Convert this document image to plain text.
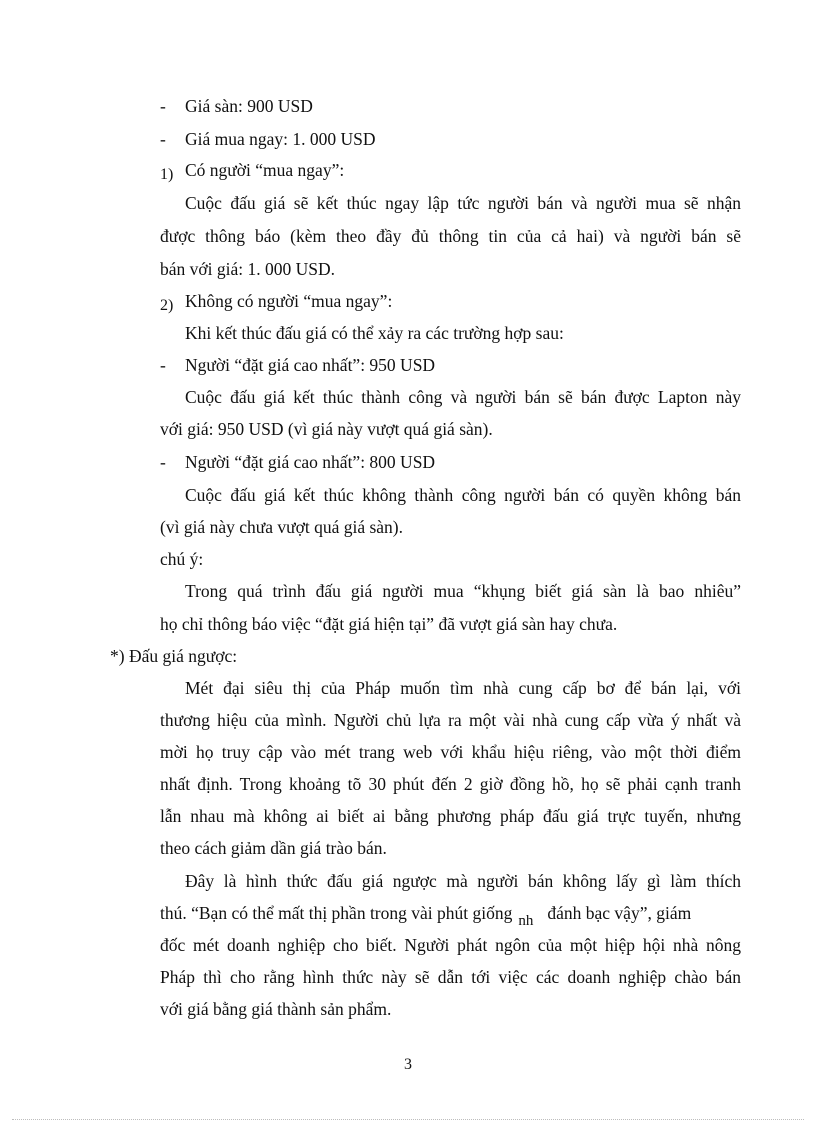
- Giá sàn: 900 USD
- Giá mua ngay: 1. 000 USD
1) Có người “mua ngay”:
Cuộc đấu giá sẽ kết thúc ngay lập tức người bán và người mua sẽ nhận
được thông báo (kèm theo đầy đủ thông tin của cả hai) và người bán sẽ
bán với giá: 1. 000 USD.
2) Không có người “mua ngay”:
Khi kết thúc đấu giá có thể xảy ra các trường hợp sau:
- Người “đặt giá cao nhất”: 950 USD
Cuộc đấu giá kết thúc thành công và người bán sẽ bán được Lapton này
với giá: 950 USD (vì giá này vượt quá giá sàn).
- Người “đặt giá cao nhất”: 800 USD
Cuộc đấu giá kết thúc không thành công người bán có quyền không bán
(vì giá này chưa vượt quá giá sàn).
chú ý:
Trong quá trình đấu giá người mua “khụng biết giá sàn là bao nhiêu”
họ chỉ thông báo việc “đặt giá hiện tại” đã vượt giá sàn hay chưa.
*) Đấu giá ngược:
Mét đại siêu thị của Pháp muốn tìm nhà cung cấp bơ để bán lại, với
thương hiệu của mình. Người chủ lựa ra một vài nhà cung cấp vừa ý nhất và
mời họ truy cập vào mét trang web với khẩu hiệu riêng, vào một thời điểm
nhất định. Trong khoảng tõ 30 phút đến 2 giờ đồng hồ, họ sẽ phải cạnh tranh
lẫn nhau mà không ai biết ai bằng phương pháp đấu giá trực tuyến, nhưng
theo cách giảm dần giá trào bán.
Đây là hình thức đấu giá ngược mà người bán không lấy gì làm thích
thú. “Bạn có thể mất thị phần trong vài phút giống nh đánh bạc vậy”, giám
đốc mét doanh nghiệp cho biết. Người phát ngôn của một hiệp hội nhà nông
Pháp thì cho rằng hình thức này sẽ dẫn tới việc các doanh nghiệp chào bán
với giá bằng giá thành sản phẩm.
3
